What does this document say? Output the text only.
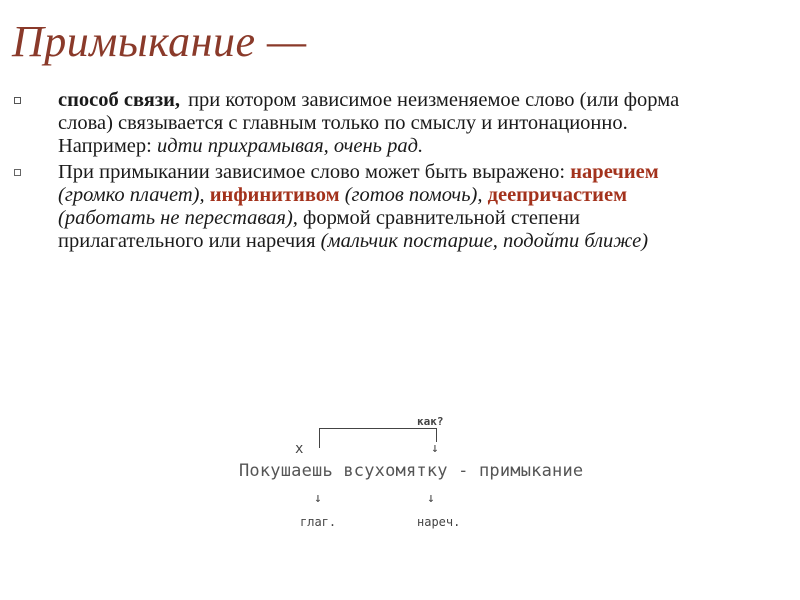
Примыкание —
способ связи, при котором зависимое неизменяемое слово (или форма слова) связывается с главным только по смыслу и интонационно. Например: идти прихрамывая, очень рад.
При примыкании зависимое слово может быть выражено: наречием (громко плачет), инфинитивом (готов помочь), деепричастием (работать не переставая), формой сравнительной степени прилагательного или наречия (мальчик постарше, подойти ближе)
как?
↓
x
Покушаешь всухомятку - примыкание
↓	↓
глаг.	нареч.
